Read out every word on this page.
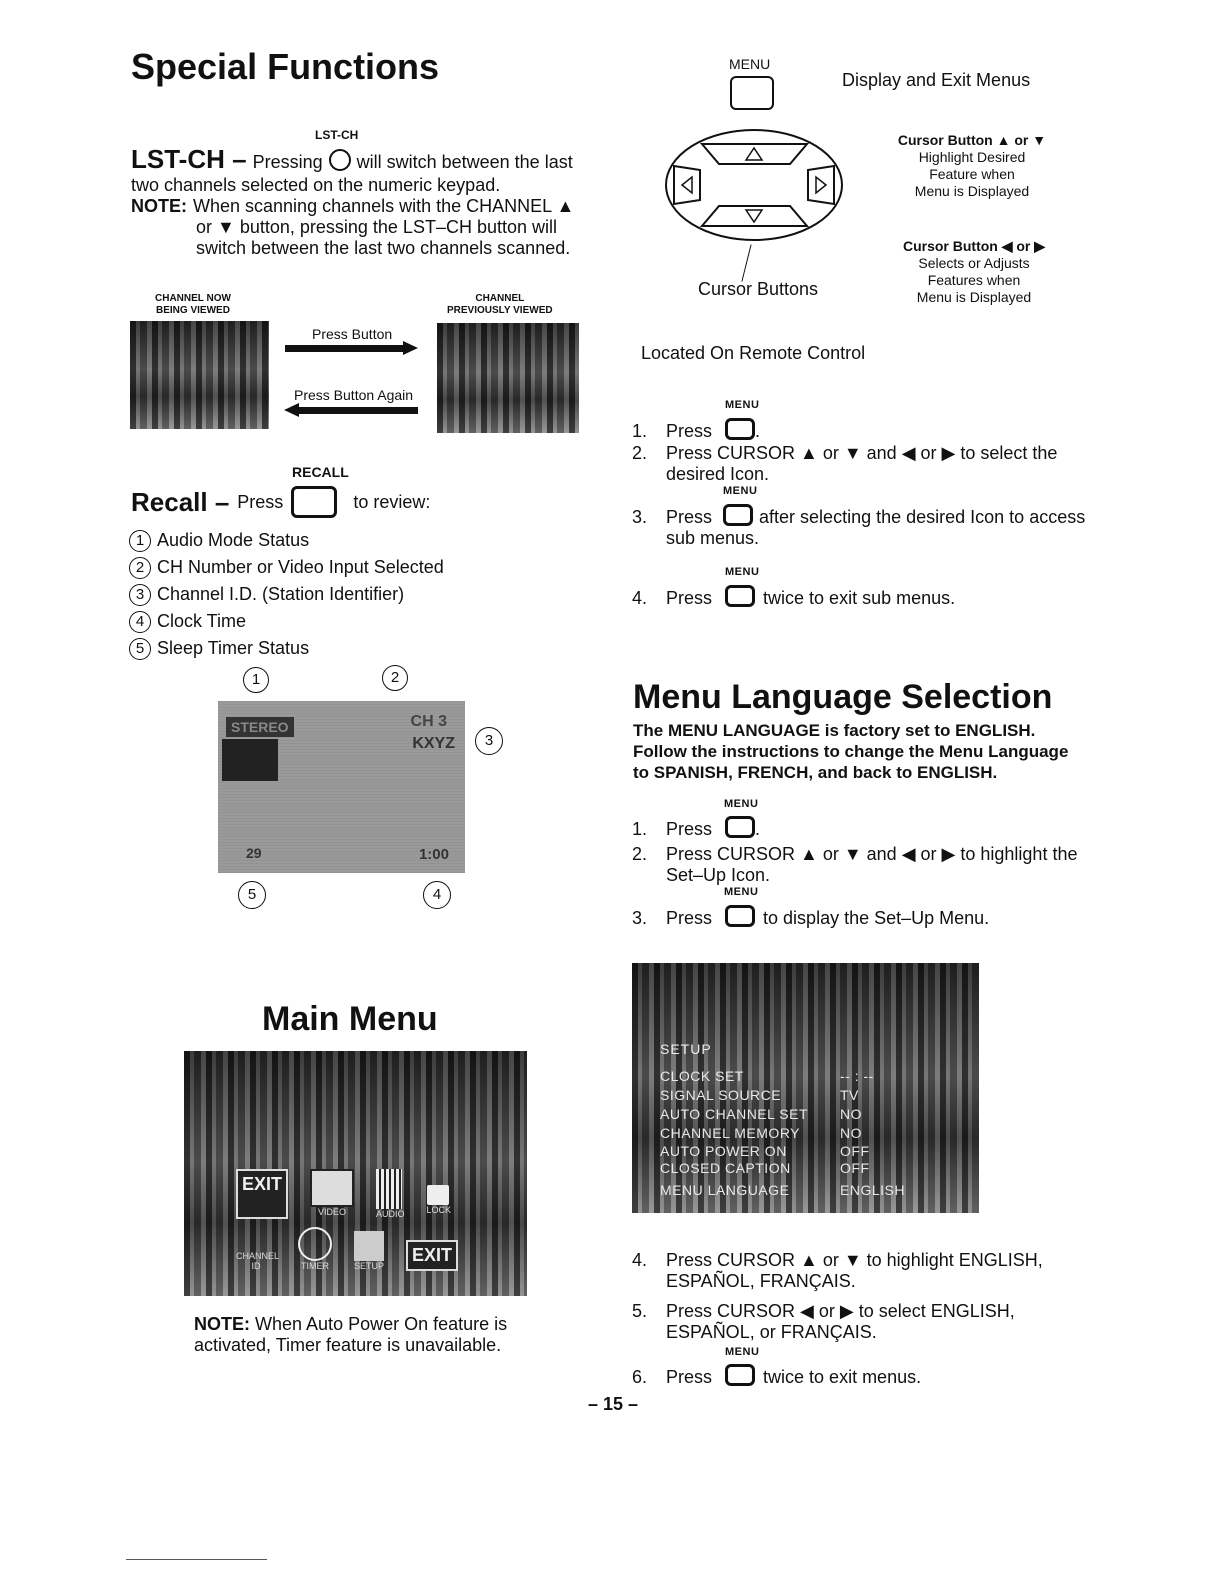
Special Functions
LST-CH
LST-CH – Pressing will switch between the last
two channels selected on the numeric keypad.
NOTE: When scanning channels with the CHANNEL ▲
or ▼ button, pressing the LST–CH button will
switch between the last two channels scanned.
CHANNEL NOW
BEING VIEWED
CHANNEL
PREVIOUSLY VIEWED
Press Button
Press Button Again
RECALL
Recall – Press	to review:
1 Audio Mode Status
2 CH Number or Video Input Selected
3 Channel I.D. (Station Identifier)
4 Clock Time
5 Sleep Timer Status
1	2
STEREO	CH 3
KXYZ
29	1:00
3
5	4
Main Menu
EXIT
VIDEO	AUDIO LOCK
CHANNEL ID	TIMER	SETUP
EXIT
NOTE: When Auto Power On feature is
activated, Timer feature is unavailable.
MENU
Display and Exit Menus
Cursor Buttons
Cursor Button ▲ or ▼
Highlight Desired
Feature when
Menu is Displayed
Cursor Button ◀ or ▶
Selects or Adjusts
Features when
Menu is Displayed
Located On Remote Control
MENU
1. Press .
2. Press CURSOR ▲ or ▼ and ◀ or ▶ to select the
desired Icon.
MENU
3. Press	after selecting the desired Icon to access
sub menus.
MENU
4. Press	twice to exit sub menus.
Menu Language Selection
The MENU LANGUAGE is factory set to ENGLISH.
Follow the instructions to change the Menu Language
to SPANISH, FRENCH, and back to ENGLISH.
MENU
1. Press .
2. Press CURSOR ▲ or ▼ and ◀ or ▶ to highlight the
Set–Up Icon.
MENU
3. Press	to display the Set–Up Menu.
SETUP
CLOCK SET	-- : --
SIGNAL SOURCE	TV
AUTO CHANNEL SET	NO
CHANNEL MEMORY	NO
AUTO POWER ON	OFF
CLOSED CAPTION	OFF
MENU LANGUAGE	ENGLISH
4. Press CURSOR ▲ or ▼ to highlight ENGLISH,
ESPAÑOL, FRANÇAIS.
5. Press CURSOR ◀ or ▶ to select ENGLISH,
ESPAÑOL, or FRANÇAIS.
MENU
6. Press	twice to exit menus.
– 15 –
